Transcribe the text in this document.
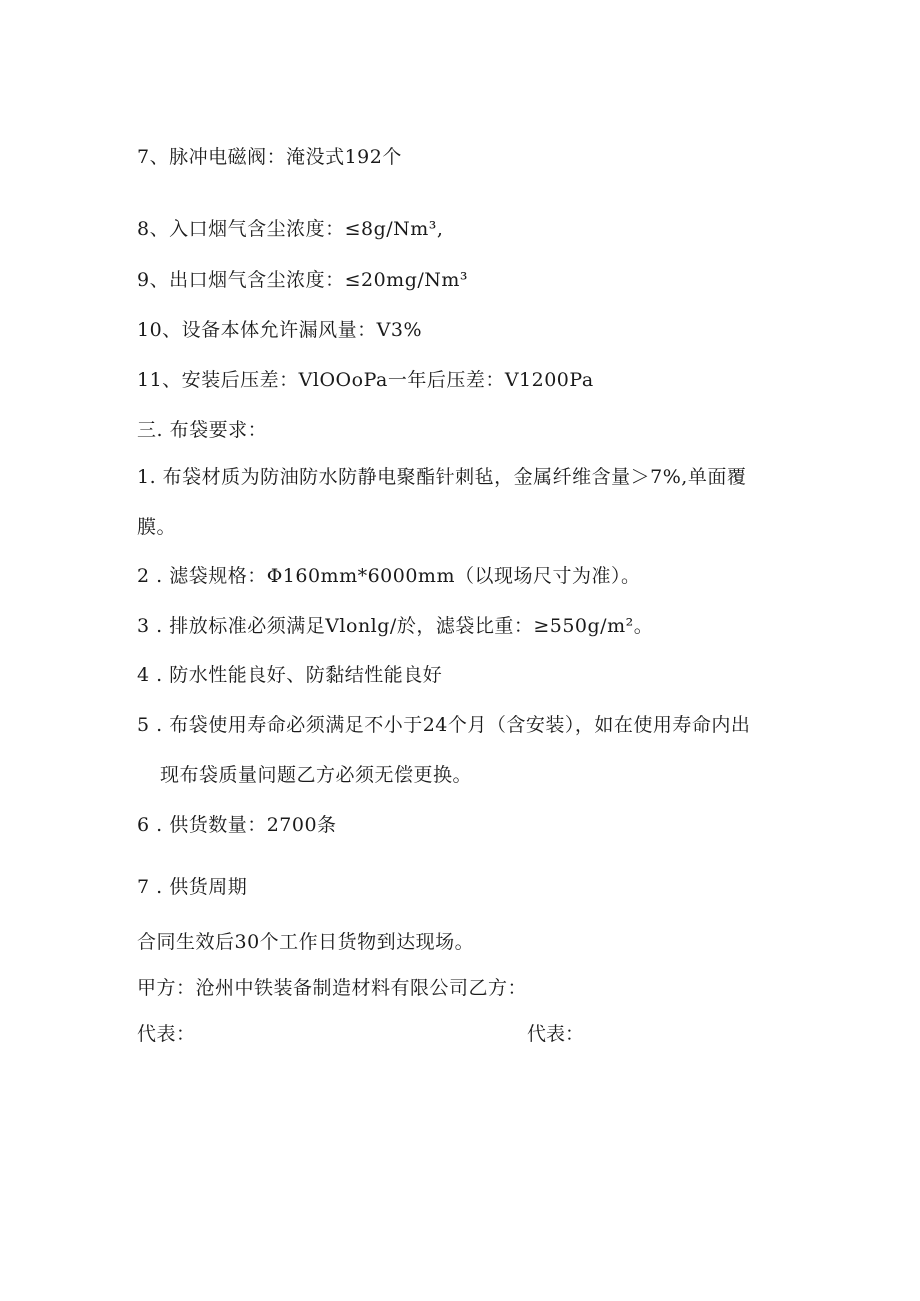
7、脉冲电磁阀：淹没式192个
8、入口烟气含尘浓度：≤8g/Nm³,
9、出口烟气含尘浓度：≤20mg/Nm³
10、设备本体允许漏风量：V3%
11、安装后压差：VlOOoPa一年后压差：V1200Pa
三. 布袋要求：
1. 布袋材质为防油防水防静电聚酯针刺毡，金属纤维含量＞7%,单面覆
膜。
2 . 滤袋规格：Φ160mm*6000mm（以现场尺寸为准）。
3 . 排放标准必须满足Vlonlg/於，滤袋比重：≥550g/m²。
4 . 防水性能良好、防黏结性能良好
5 . 布袋使用寿命必须满足不小于24个月（含安装），如在使用寿命内出
现布袋质量问题乙方必须无偿更换。
6 . 供货数量：2700条
7 . 供货周期
合同生效后30个工作日货物到达现场。
甲方：沧州中铁装备制造材料有限公司乙方：
代表：	代表：
